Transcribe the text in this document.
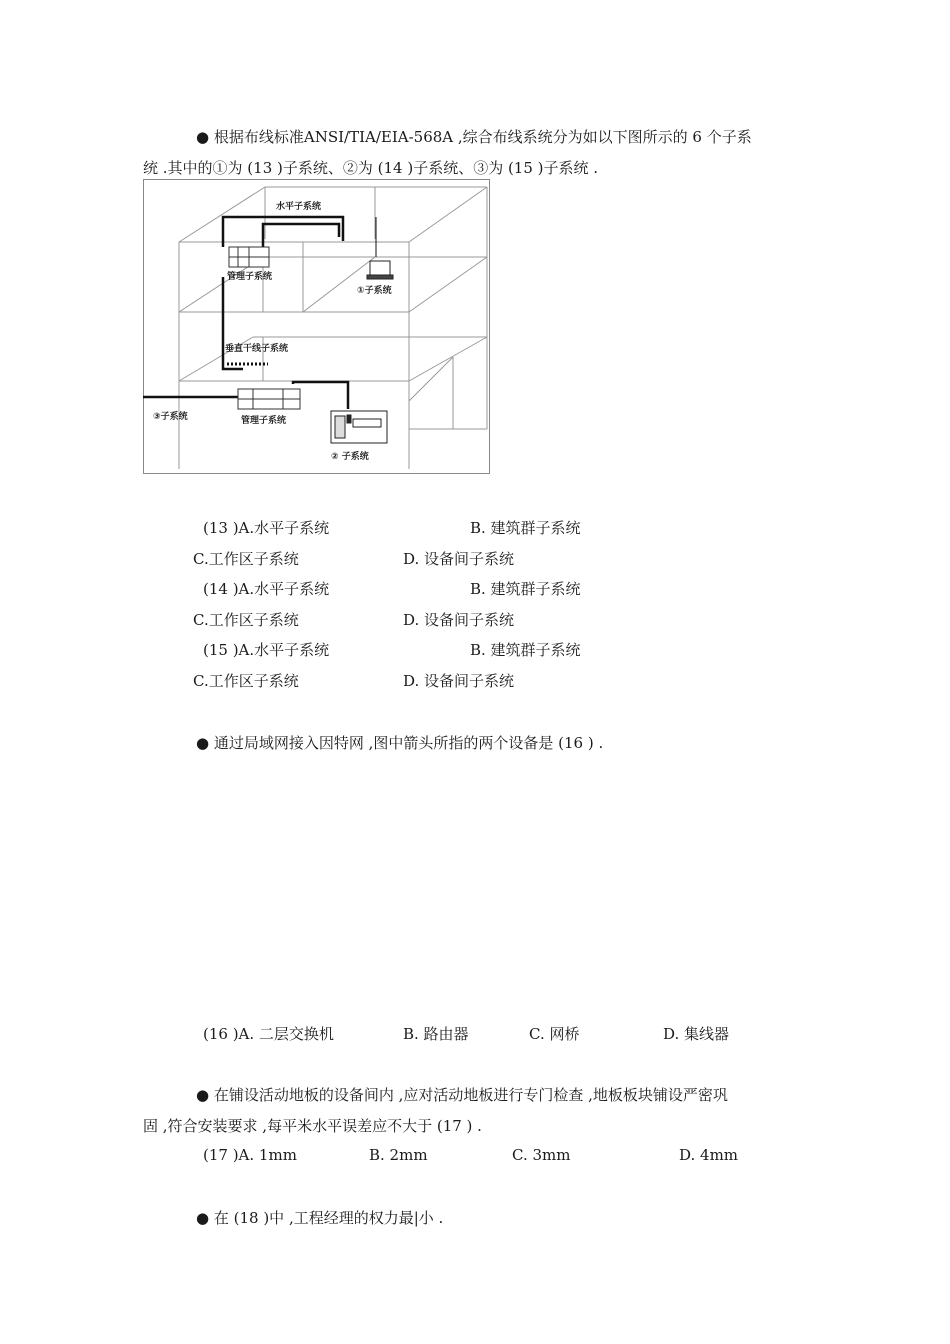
● 根据布线标准ANSI/TIA/EIA-568A ,综合布线系统分为如以下图所示的 6 个子系
统 .其中的①为 (13 )子系统、②为 (14 )子系统、③为 (15 )子系统 .
水平子系统
管理子系统
①子系统
垂直干线子系统
③子系统	管理子系统
② 子系统
(13 )A.水平子系统	B. 建筑群子系统
C.工作区子系统	D. 设备间子系统
(14 )A.水平子系统	B. 建筑群子系统
C.工作区子系统	D. 设备间子系统
(15 )A.水平子系统	B. 建筑群子系统
C.工作区子系统	D. 设备间子系统
● 通过局域网接入因特网 ,图中箭头所指的两个设备是 (16 ) .
(16 )A. 二层交换机	B. 路由器	C. 网桥	D. 集线器
● 在铺设活动地板的设备间内 ,应对活动地板进行专门检查 ,地板板块铺设严密巩
固 ,符合安装要求 ,每平米水平误差应不大于 (17 ) .
(17 )A. 1mm	B. 2mm	C. 3mm	D. 4mm
● 在 (18 )中 ,工程经理的权力最|小 .
